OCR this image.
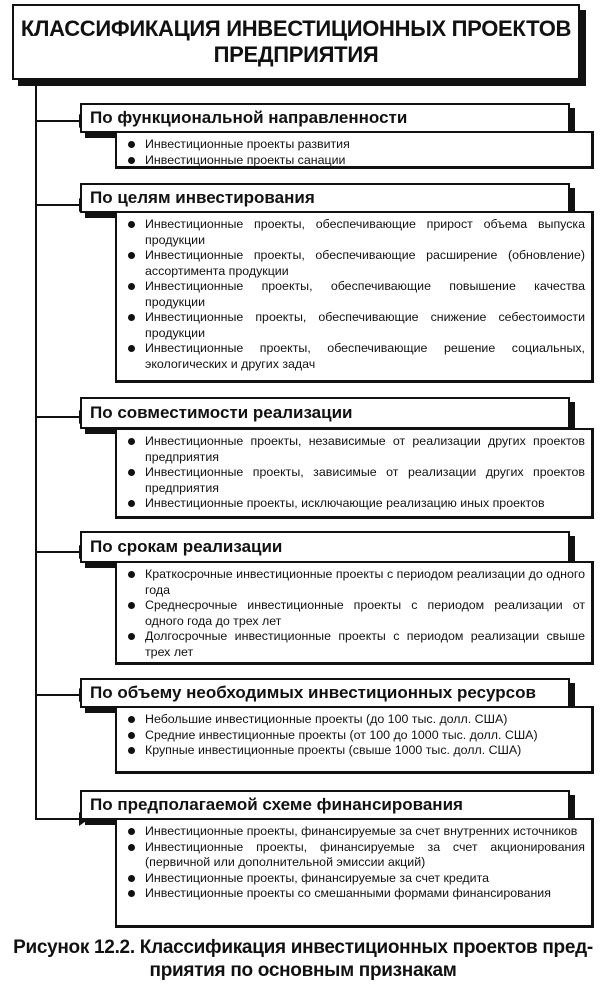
КЛАССИФИКАЦИЯ ИНВЕСТИЦИОННЫХ ПРОЕКТОВ
ПРЕДПРИЯТИЯ
По функциональной направленности
Инвестиционные проекты развития
Инвестиционные проекты санации
По целям инвестирования
Инвестиционные проекты, обеспечивающие прирост объема выпуска продукции
Инвестиционные проекты, обеспечивающие расширение (обновление) ассортимента продукции
Инвестиционные проекты, обеспечивающие повышение качества продукции
Инвестиционные проекты, обеспечивающие снижение себестоимости продукции
Инвестиционные проекты, обеспечивающие решение социальных, экологических и других задач
По совместимости реализации
Инвестиционные проекты, независимые от реализации других проектов предприятия
Инвестиционные проекты, зависимые от реализации других проектов предприятия
Инвестиционные проекты, исключающие реализацию иных проектов
По срокам реализации
Краткосрочные инвестиционные проекты с периодом реализации до одного года
Среднесрочные инвестиционные проекты с периодом реализации от одного года до трех лет
Долгосрочные инвестиционные проекты с периодом реализации свыше трех лет
По объему необходимых инвестиционных ресурсов
Небольшие инвестиционные проекты (до 100 тыс. долл. США)
Средние инвестиционные проекты (от 100 до 1000 тыс. долл. США)
Крупные инвестиционные проекты (свыше 1000 тыс. долл. США)
По предполагаемой схеме финансирования
Инвестиционные проекты, финансируемые за счет внутренних источников
Инвестиционные проекты, финансируемые за счет акционирования (первичной или дополнительной эмиссии акций)
Инвестиционные проекты, финансируемые за счет кредита
Инвестиционные проекты со смешанными формами финансирования
Рисунок 12.2. Классификация инвестиционных проектов пред-
приятия по основным признакам
